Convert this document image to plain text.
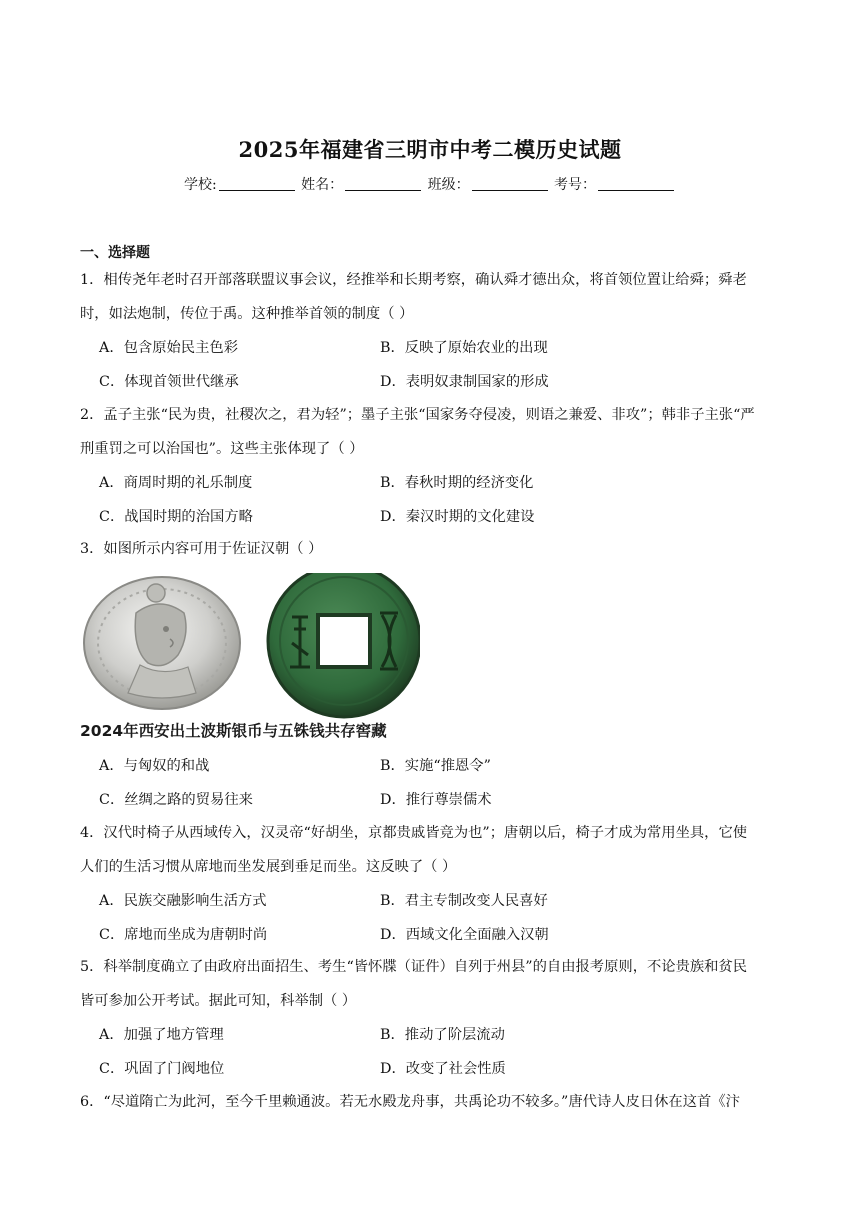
2025年福建省三明市中考二模历史试题
学校:	姓名：	班级：	考号：
一、选择题
1．相传尧年老时召开部落联盟议事会议，经推举和长期考察，确认舜才德出众，将首领位置让给舜；舜老
时，如法炮制，传位于禹。这种推举首领的制度（ ）
A．包含原始民主色彩	B．反映了原始农业的出现
C．体现首领世代继承	D．表明奴隶制国家的形成
2．孟子主张“民为贵，社稷次之，君为轻”；墨子主张“国家务夺侵凌，则语之兼爱、非攻”；韩非子主张“严
刑重罚之可以治国也”。这些主张体现了（ ）
A．商周时期的礼乐制度	B．春秋时期的经济变化
C．战国时期的治国方略	D．秦汉时期的文化建设
3．如图所示内容可用于佐证汉朝（ ）
2024年西安出土波斯银币与五铢钱共存窖藏
A．与匈奴的和战	B．实施“推恩令”
C．丝绸之路的贸易往来	D．推行尊崇儒术
4．汉代时椅子从西域传入，汉灵帝“好胡坐，京都贵戚皆竞为也”；唐朝以后，椅子才成为常用坐具，它使
人们的生活习惯从席地而坐发展到垂足而坐。这反映了（ ）
A．民族交融影响生活方式	B．君主专制改变人民喜好
C．席地而坐成为唐朝时尚	D．西域文化全面融入汉朝
5．科举制度确立了由政府出面招生、考生“皆怀牒（证件）自列于州县”的自由报考原则，不论贵族和贫民
皆可参加公开考试。据此可知，科举制（ ）
A．加强了地方管理	B．推动了阶层流动
C．巩固了门阀地位	D．改变了社会性质
6．“尽道隋亡为此河，至今千里赖通波。若无水殿龙舟事，共禹论功不较多。”唐代诗人皮日休在这首《汴
